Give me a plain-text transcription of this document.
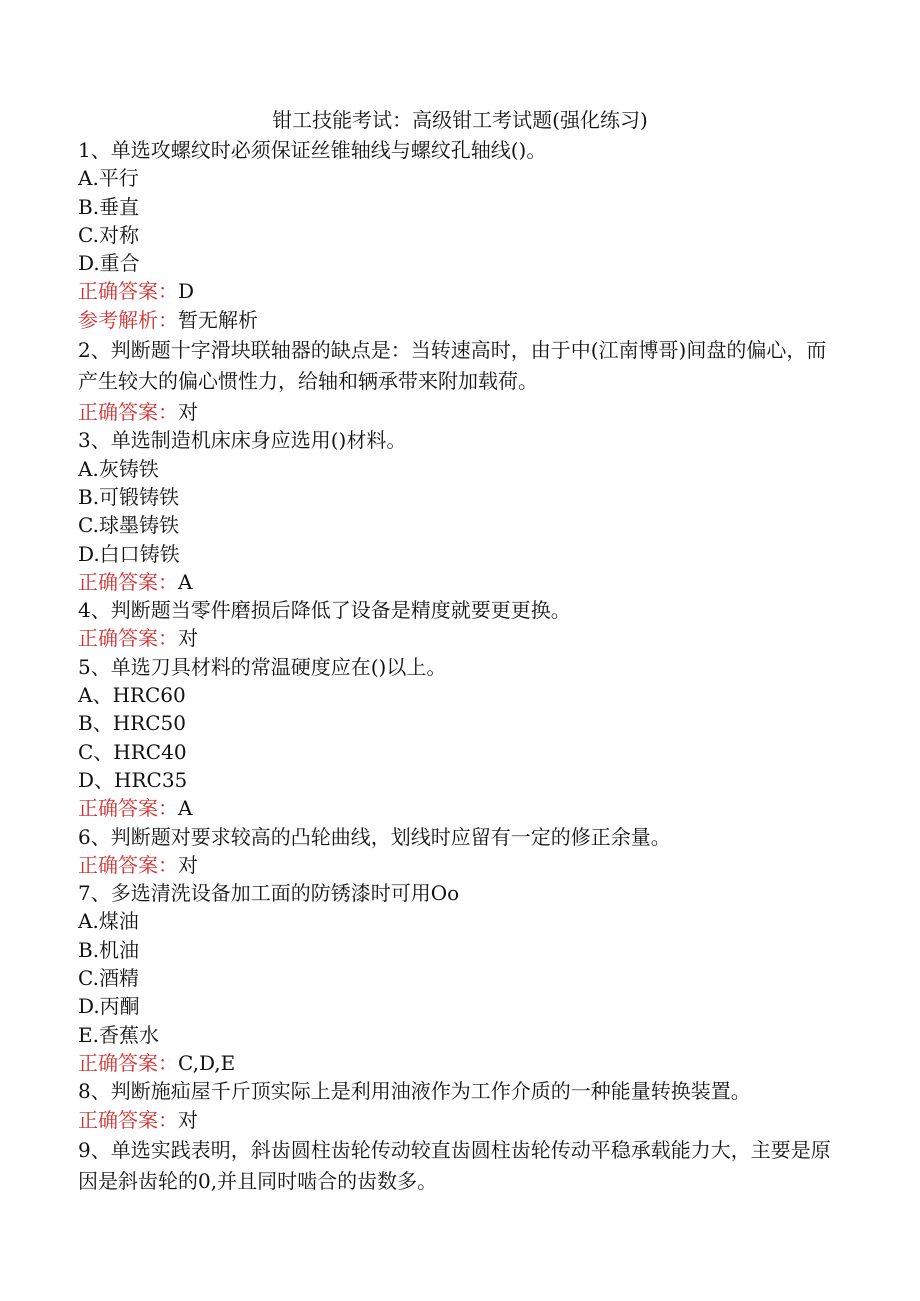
钳工技能考试：高级钳工考试题(强化练习)
1、单选攻螺纹时必须保证丝锥轴线与螺纹孔轴线()。
A.平行
B.垂直
C.对称
D.重合
正确答案：D
参考解析：暂无解析
2、判断题十字滑块联轴器的缺点是：当转速高时，由于中(江南博哥)间盘的偏心，而产生较大的偏心惯性力，给轴和辆承带来附加载荷。
正确答案：对
3、单选制造机床床身应选用()材料。
A.灰铸铁
B.可锻铸铁
C.球墨铸铁
D.白口铸铁
正确答案：A
4、判断题当零件磨损后降低了设备是精度就要更更换。
正确答案：对
5、单选刀具材料的常温硬度应在()以上。
A、HRC60
B、HRC50
C、HRC40
D、HRC35
正确答案：A
6、判断题对要求较高的凸轮曲线，划线时应留有一定的修正余量。
正确答案：对
7、多选清洗设备加工面的防锈漆时可用Oo
A.煤油
B.机油
C.酒精
D.丙酮
E.香蕉水
正确答案：C,D,E
8、判断施疝屋千斤顶实际上是利用油液作为工作介质的一种能量转换装置。
正确答案：对
9、单选实践表明，斜齿圆柱齿轮传动较直齿圆柱齿轮传动平稳承载能力大，主要是原因是斜齿轮的0,并且同时啮合的齿数多。
